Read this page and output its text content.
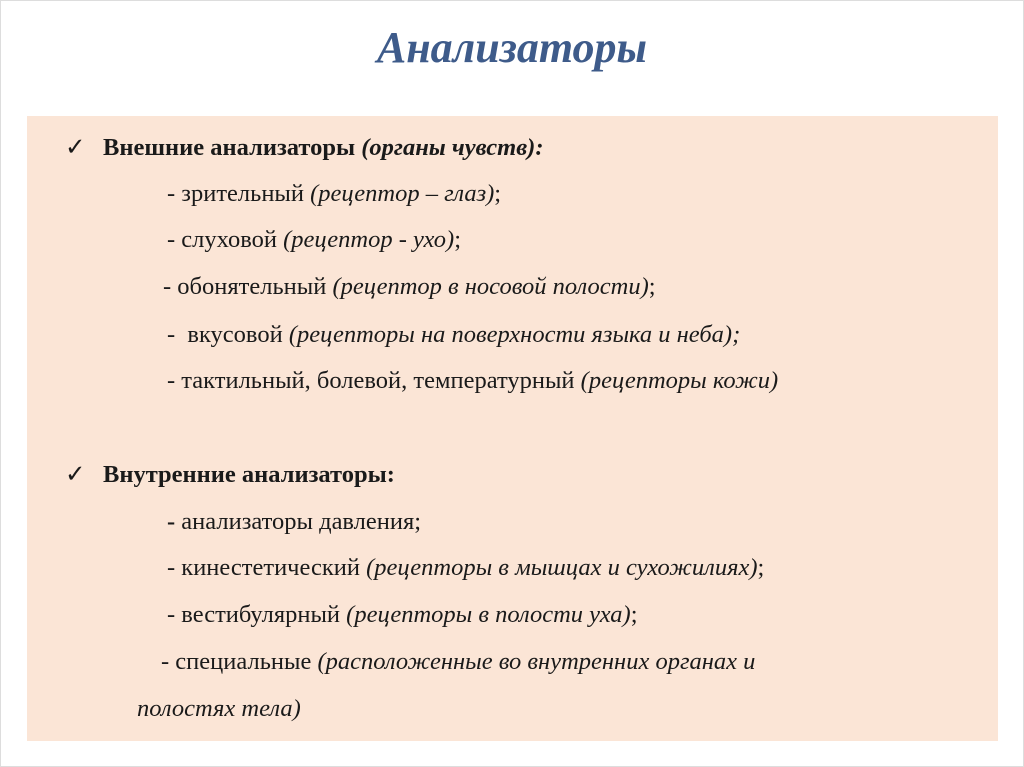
Анализаторы
✓ Внешние анализаторы (органы чувств):
- зрительный (рецептор – глаз);
- слуховой (рецептор - ухо);
- обонятельный (рецептор в носовой полости);
-  вкусовой (рецепторы на поверхности языка и неба);
- тактильный, болевой, температурный (рецепторы кожи)
✓ Внутренние анализаторы:
- анализаторы давления;
- кинестетический (рецепторы в мышцах и сухожилиях);
- вестибулярный (рецепторы в полости уха);
- специальные (расположенные во внутренних органах и
полостях тела)
